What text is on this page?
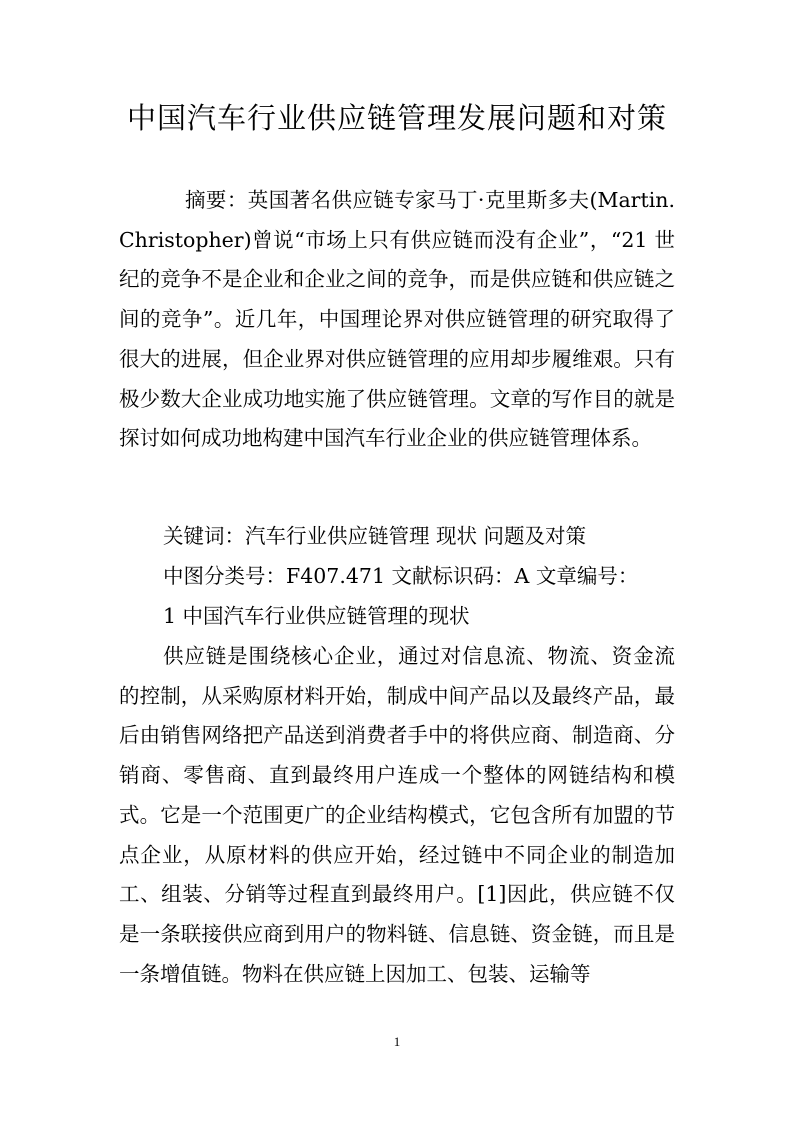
中国汽车行业供应链管理发展问题和对策

摘要：英国著名供应链专家马丁·克里斯多夫(Martin. Christopher)曾说“市场上只有供应链而没有企业”，“21 世纪的竞争不是企业和企业之间的竞争，而是供应链和供应链之间的竞争”。近几年，中国理论界对供应链管理的研究取得了很大的进展，但企业界对供应链管理的应用却步履维艰。只有极少数大企业成功地实施了供应链管理。文章的写作目的就是探讨如何成功地构建中国汽车行业企业的供应链管理体系。

关键词：汽车行业供应链管理 现状 问题及对策
中图分类号：F407.471 文献标识码：A 文章编号：
1 中国汽车行业供应链管理的现状

供应链是围绕核心企业，通过对信息流、物流、资金流的控制，从采购原材料开始，制成中间产品以及最终产品，最后由销售网络把产品送到消费者手中的将供应商、制造商、分销商、零售商、直到最终用户连成一个整体的网链结构和模式。它是一个范围更广的企业结构模式，它包含所有加盟的节点企业，从原材料的供应开始，经过链中不同企业的制造加工、组装、分销等过程直到最终用户。[1]因此，供应链不仅是一条联接供应商到用户的物料链、信息链、资金链，而且是一条增值链。物料在供应链上因加工、包装、运输等

1
